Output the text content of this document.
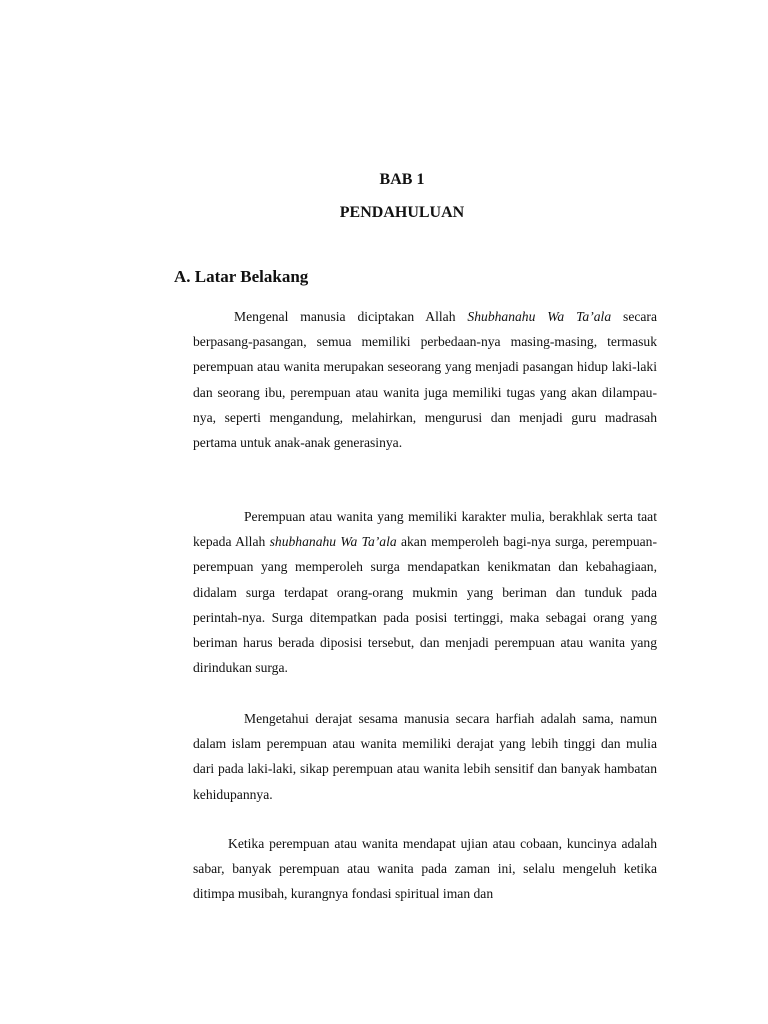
BAB 1
PENDAHULUAN
A. Latar Belakang

Mengenal manusia diciptakan Allah Shubhanahu Wa Ta’ala secara berpasang-pasangan, semua memiliki perbedaan-nya masing-masing, termasuk perempuan atau wanita merupakan seseorang yang menjadi pasangan hidup laki-laki dan seorang ibu, perempuan atau wanita juga memiliki tugas yang akan dilampau-nya, seperti mengandung, melahirkan, mengurusi dan menjadi guru madrasah pertama untuk anak-anak generasinya.

Perempuan atau wanita yang memiliki karakter mulia, berakhlak serta taat kepada Allah shubhanahu Wa Ta’ala akan memperoleh bagi-nya surga, perempuan-perempuan yang memperoleh surga mendapatkan kenikmatan dan kebahagiaan, didalam surga terdapat orang-orang mukmin yang beriman dan tunduk pada perintah-nya. Surga ditempatkan pada posisi tertinggi, maka sebagai orang yang beriman harus berada diposisi tersebut, dan menjadi perempuan atau wanita yang dirindukan surga.

Mengetahui derajat sesama manusia secara harfiah adalah sama, namun dalam islam perempuan atau wanita memiliki derajat yang lebih tinggi dan mulia dari pada laki-laki, sikap perempuan atau wanita lebih sensitif dan banyak hambatan kehidupannya.

Ketika perempuan atau wanita mendapat ujian atau cobaan, kuncinya adalah sabar, banyak perempuan atau wanita pada zaman ini, selalu mengeluh ketika ditimpa musibah, kurangnya fondasi spiritual iman dan
